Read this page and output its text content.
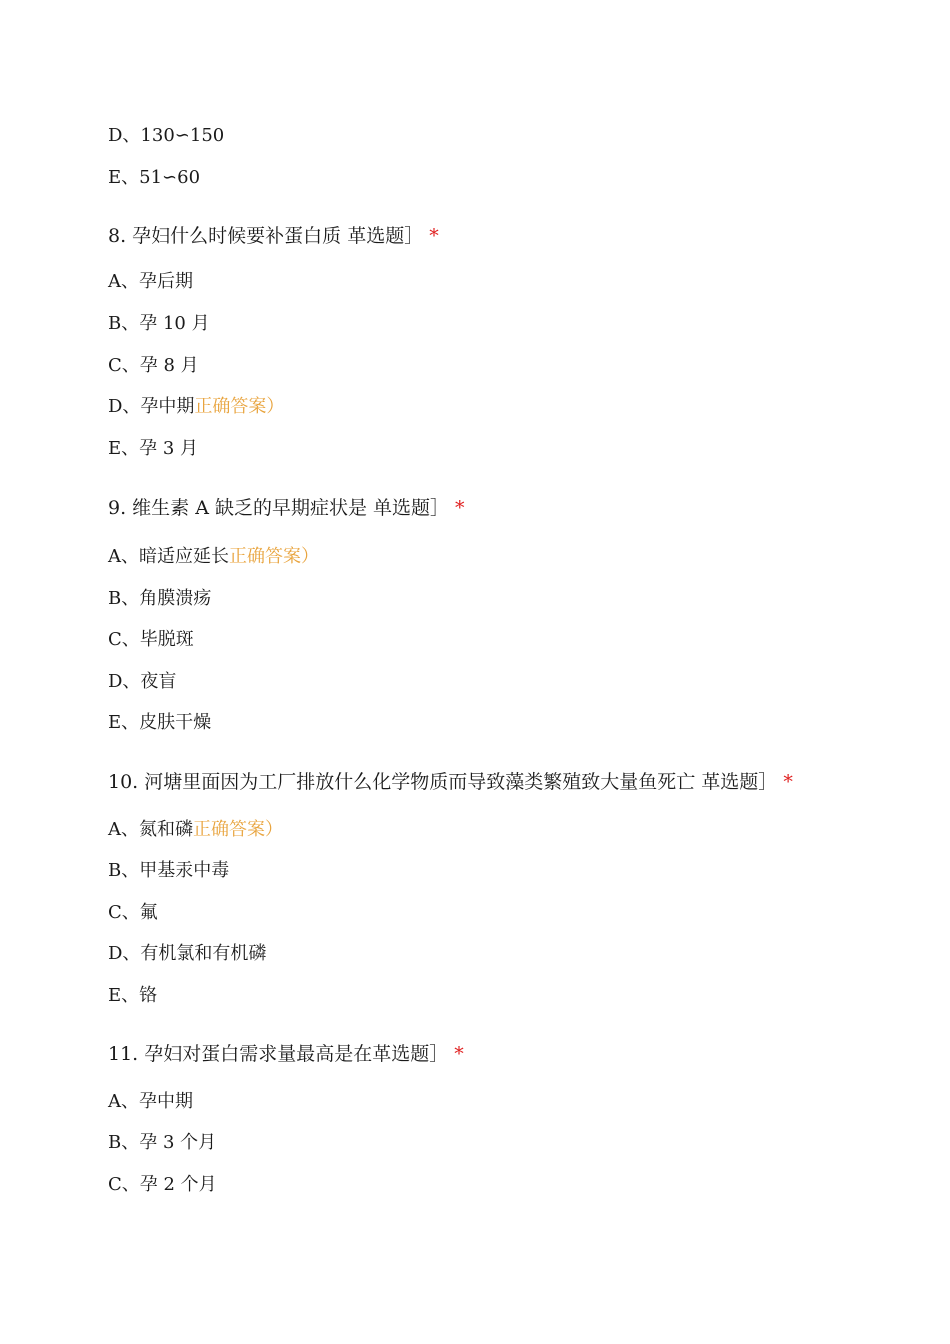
D、130∽150
E、51∽60
8. 孕妇什么时候要补蛋白质 革选题］ *
A、孕后期
B、孕 10 月
C、孕 8 月
D、孕中期正确答案）
E、孕 3 月
9. 维生素 A 缺乏的早期症状是 单选题］ *
A、暗适应延长正确答案）
B、角膜溃疡
C、毕脱斑
D、夜盲
E、皮肤干燥
10. 河塘里面因为工厂排放什么化学物质而导致藻类繁殖致大量鱼死亡 革选题］ *
A、氮和磷正确答案）
B、甲基汞中毒
C、氟
D、有机氯和有机磷
E、铬
11. 孕妇对蛋白需求量最高是在革选题］ *
A、孕中期
B、孕 3 个月
C、孕 2 个月
